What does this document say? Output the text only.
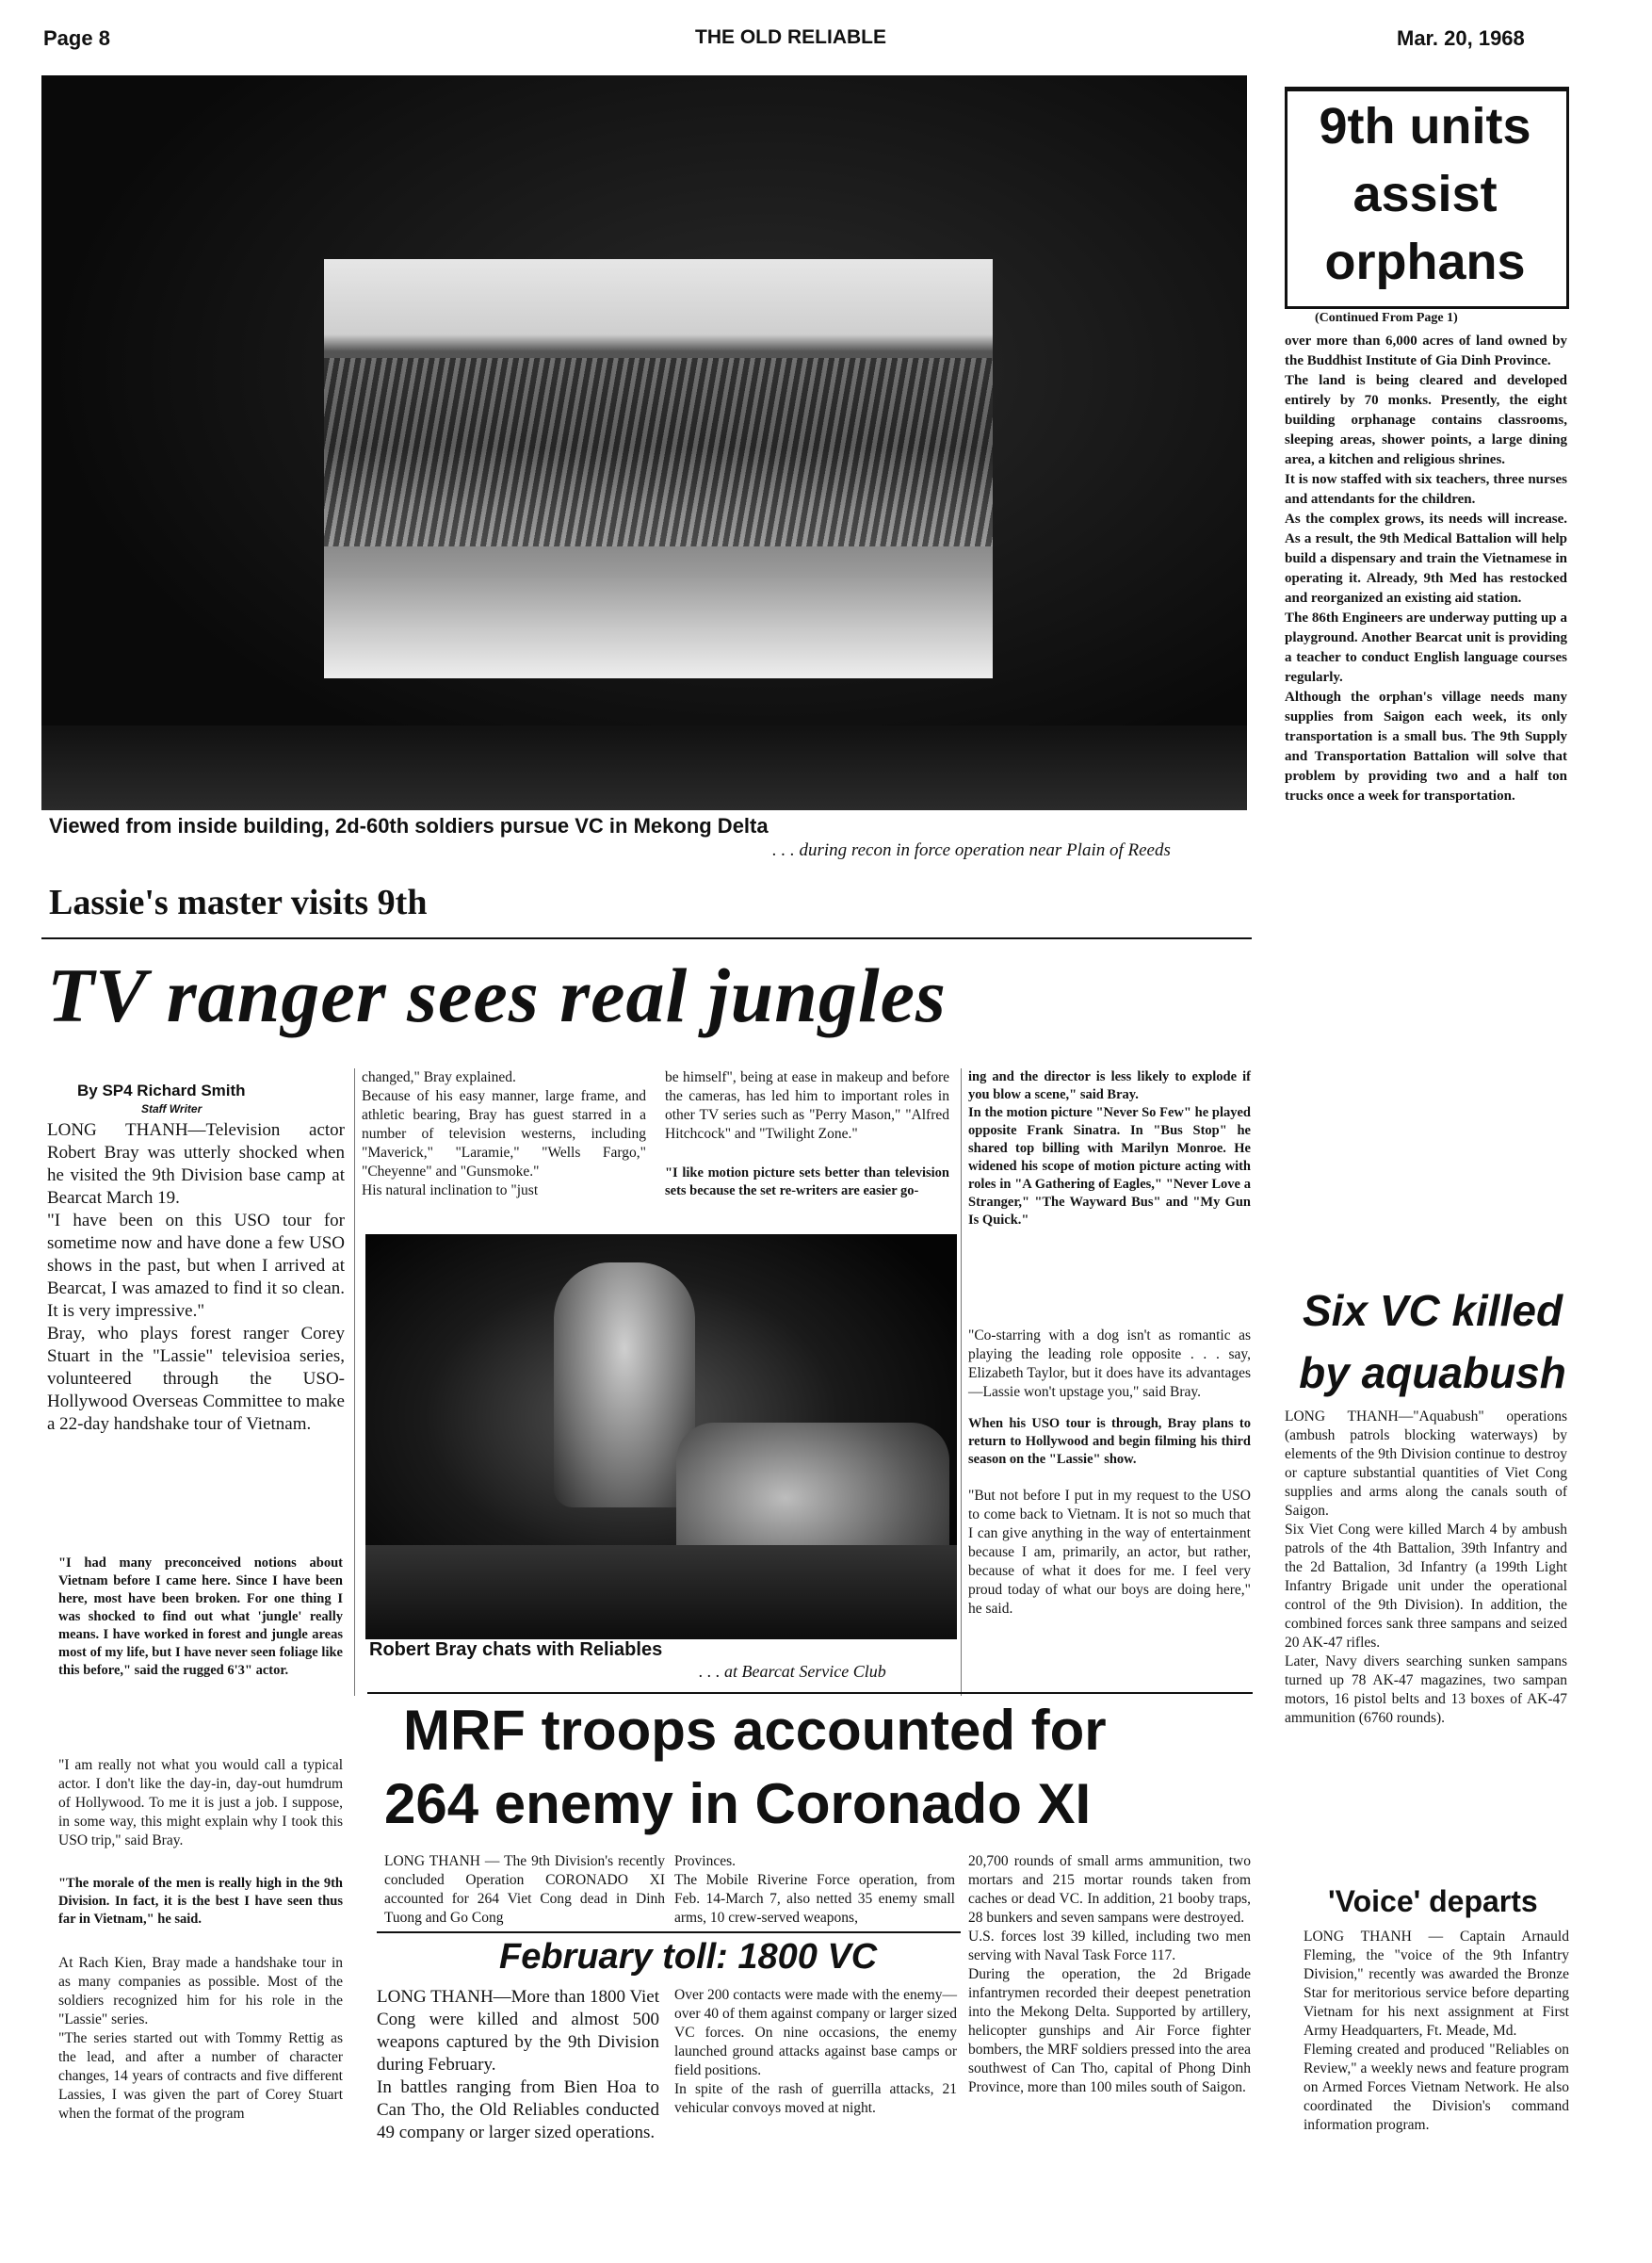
Page 8	THE OLD RELIABLE	Mar. 20, 1968
Viewed from inside building, 2d-60th soldiers pursue VC in Mekong Delta
. . . during recon in force operation near Plain of Reeds
Lassie's master visits 9th
TV ranger sees real jungles
By SP4 Richard Smith
Staff Writer

LONG THANH—Television actor Robert Bray was utterly shocked when he visited the 9th Division base camp at Bearcat March 19.
"I have been on this USO tour for sometime now and have done a few USO shows in the past, but when I arrived at Bearcat, I was amazed to find it so clean. It is very impressive."
Bray, who plays forest ranger Corey Stuart in the "Lassie" televisioa series, volunteered through the USO-Hollywood Overseas Committee to make a 22-day handshake tour of Vietnam.

"I had many preconceived notions about Vietnam before I came here. Since I have been here, most have been broken. For one thing I was shocked to find out what 'jungle' really means. I have worked in forest and jungle areas most of my life, but I have never seen foliage like this before," said the rugged 6'3" actor.

"I am really not what you would call a typical actor. I don't like the day-in, day-out humdrum of Hollywood. To me it is just a job. I suppose, in some way, this might explain why I took this USO trip," said Bray.

"The morale of the men is really high in the 9th Division. In fact, it is the best I have seen thus far in Vietnam," he said.

At Rach Kien, Bray made a handshake tour in as many companies as possible. Most of the soldiers recognized him for his role in the "Lassie" series.
"The series started out with Tommy Rettig as the lead, and after a number of character changes, 14 years of contracts and five different Lassies, I was given the part of Corey Stuart when the format of the program

changed," Bray explained.
Because of his easy manner, large frame, and athletic bearing, Bray has guest starred in a number of television westerns, including "Maverick," "Laramie," "Wells Fargo," "Cheyenne" and "Gunsmoke."
His natural inclination to "just

be himself", being at ease in makeup and before the cameras, has led him to important roles in other TV series such as "Perry Mason," "Alfred Hitchcock" and "Twilight Zone."

"I like motion picture sets better than television sets because the set re-writers are easier go-

ing and the director is less likely to explode if you blow a scene," said Bray.
In the motion picture "Never So Few" he played opposite Frank Sinatra. In "Bus Stop" he shared top billing with Marilyn Monroe. He widened his scope of motion picture acting with roles in "A Gathering of Eagles," "Never Love a Stranger," "The Wayward Bus" and "My Gun Is Quick."

"Co-starring with a dog isn't as romantic as playing the leading role opposite . . . say, Elizabeth Taylor, but it does have its advantages—Lassie won't upstage you," said Bray.

When his USO tour is through, Bray plans to return to Hollywood and begin filming his third season on the "Lassie" show.

"But not before I put in my request to the USO to come back to Vietnam. It is not so much that I can give anything in the way of entertainment because I am, primarily, an actor, but rather, because of what it does for me. I feel very proud today of what our boys are doing here," he said.

Robert Bray chats with Reliables
. . . at Bearcat Service Club
MRF troops accounted for
264 enemy in Coronado XI

LONG THANH — The 9th Division's recently concluded Operation CORONADO XI accounted for 264 Viet Cong dead in Dinh Tuong and Go Cong

Provinces.
The Mobile Riverine Force operation, from Feb. 14-March 7, also netted 35 enemy small arms, 10 crew-served weapons,

20,700 rounds of small arms ammunition, two mortars and 215 mortar rounds taken from caches or dead VC. In addition, 21 booby traps, 28 bunkers and seven sampans were destroyed.
U.S. forces lost 39 killed, including two men serving with Naval Task Force 117.
During the operation, the 2d Brigade infantrymen recorded their deepest penetration into the Mekong Delta. Supported by artillery, helicopter gunships and Air Force fighter bombers, the MRF soldiers pressed into the area southwest of Can Tho, capital of Phong Dinh Province, more than 100 miles south of Saigon.

February toll: 1800 VC

LONG THANH—More than 1800 Viet Cong were killed and almost 500 weapons captured by the 9th Division during February.
In battles ranging from Bien Hoa to Can Tho, the Old Reliables conducted 49 company or larger sized operations.

Over 200 contacts were made with the enemy—over 40 of them against company or larger sized VC forces. On nine occasions, the enemy launched ground attacks against base camps or field positions.
In spite of the rash of guerrilla attacks, 21 vehicular convoys moved at night.

9th units assist orphans
(Continued From Page 1)

over more than 6,000 acres of land owned by the Buddhist Institute of Gia Dinh Province.
The land is being cleared and developed entirely by 70 monks. Presently, the eight building orphanage contains classrooms, sleeping areas, shower points, a large dining area, a kitchen and religious shrines.
It is now staffed with six teachers, three nurses and attendants for the children.
As the complex grows, its needs will increase. As a result, the 9th Medical Battalion will help build a dispensary and train the Vietnamese in operating it. Already, 9th Med has restocked and reorganized an existing aid station.
The 86th Engineers are underway putting up a playground. Another Bearcat unit is providing a teacher to conduct English language courses regularly.
Although the orphan's village needs many supplies from Saigon each week, its only transportation is a small bus. The 9th Supply and Transportation Battalion will solve that problem by providing two and a half ton trucks once a week for transportation.

Six VC killed by aquabush

LONG THANH—"Aquabush" operations (ambush patrols blocking waterways) by elements of the 9th Division continue to destroy or capture substantial quantities of Viet Cong supplies and arms along the canals south of Saigon.
Six Viet Cong were killed March 4 by ambush patrols of the 4th Battalion, 39th Infantry and the 2d Battalion, 3d Infantry (a 199th Light Infantry Brigade unit under the operational control of the 9th Division). In addition, the combined forces sank three sampans and seized 20 AK-47 rifles.
Later, Navy divers searching sunken sampans turned up 78 AK-47 magazines, two sampan motors, 16 pistol belts and 13 boxes of AK-47 ammunition (6760 rounds).

'Voice' departs

LONG THANH — Captain Arnauld Fleming, the "voice of the 9th Infantry Division," recently was awarded the Bronze Star for meritorious service before departing Vietnam for his next assignment at First Army Headquarters, Ft. Meade, Md.
Fleming created and produced "Reliables on Review," a weekly news and feature program on Armed Forces Vietnam Network. He also coordinated the Division's command information program.
